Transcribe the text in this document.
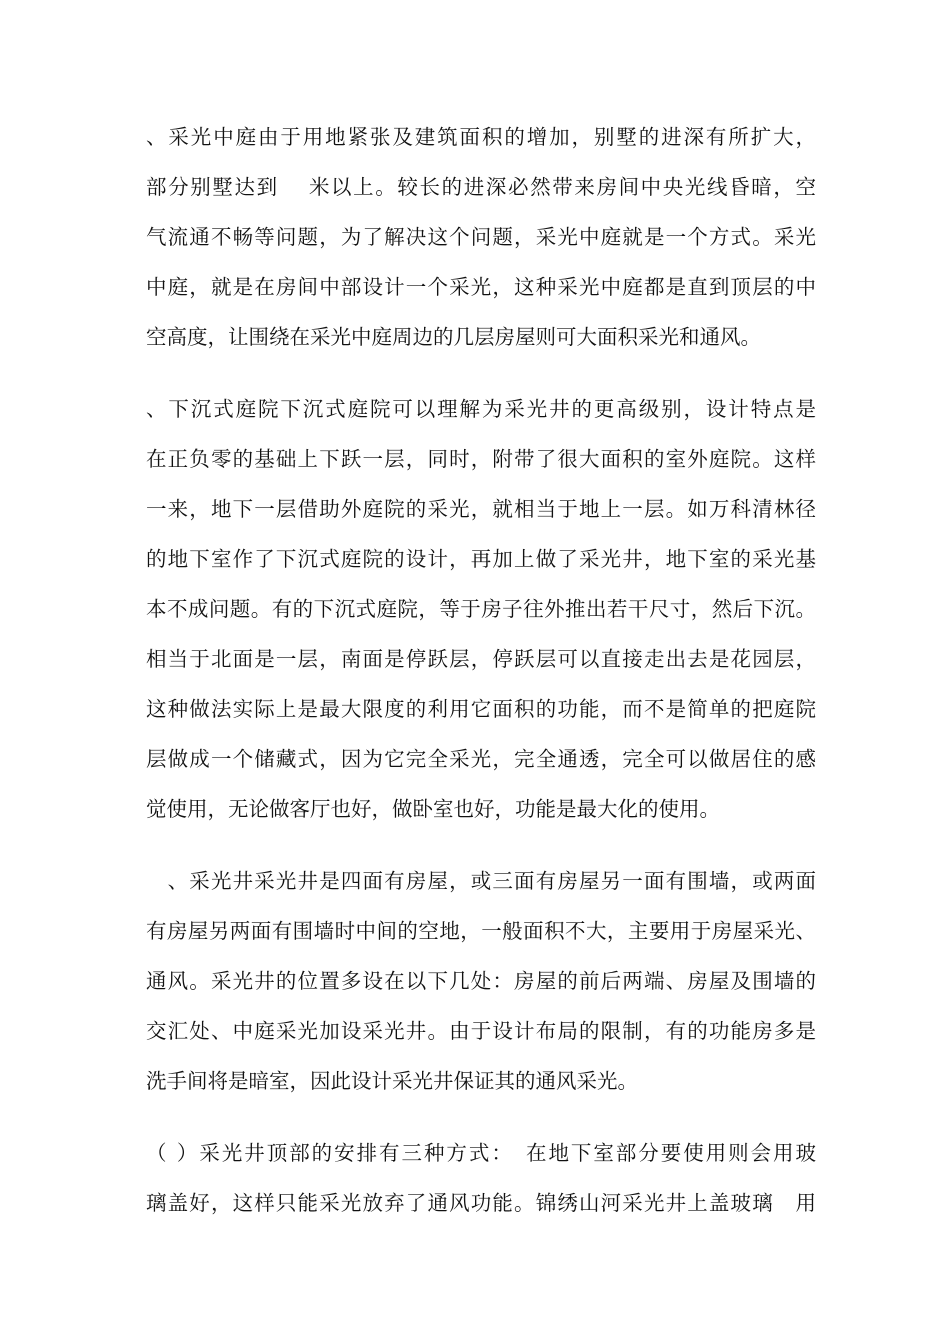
、采光中庭由于用地紧张及建筑面积的增加，别墅的进深有所扩大，
部分别墅达到　 米以上。较长的进深必然带来房间中央光线昏暗，空
气流通不畅等问题，为了解决这个问题，采光中庭就是一个方式。采光
中庭，就是在房间中部设计一个采光，这种采光中庭都是直到顶层的中
空高度，让围绕在采光中庭周边的几层房屋则可大面积采光和通风。
、下沉式庭院下沉式庭院可以理解为采光井的更高级别，设计特点是
在正负零的基础上下跃一层，同时，附带了很大面积的室外庭院。这样
一来，地下一层借助外庭院的采光，就相当于地上一层。如万科清林径
的地下室作了下沉式庭院的设计，再加上做了采光井，地下室的采光基
本不成问题。有的下沉式庭院，等于房子往外推出若干尺寸，然后下沉。
相当于北面是一层，南面是停跃层，停跃层可以直接走出去是花园层，
这种做法实际上是最大限度的利用它面积的功能，而不是简单的把庭院
层做成一个储藏式，因为它完全采光，完全通透，完全可以做居住的感
觉使用，无论做客厅也好，做卧室也好，功能是最大化的使用。
　、采光井采光井是四面有房屋，或三面有房屋另一面有围墙，或两面
有房屋另两面有围墙时中间的空地，一般面积不大，主要用于房屋采光、
通风。采光井的位置多设在以下几处：房屋的前后两端、房屋及围墙的
交汇处、中庭采光加设采光井。由于设计布局的限制，有的功能房多是
洗手间将是暗室，因此设计采光井保证其的通风采光。
（ ）采光井顶部的安排有三种方式：　在地下室部分要使用则会用玻
璃盖好，这样只能采光放弃了通风功能。锦绣山河采光井上盖玻璃　用
